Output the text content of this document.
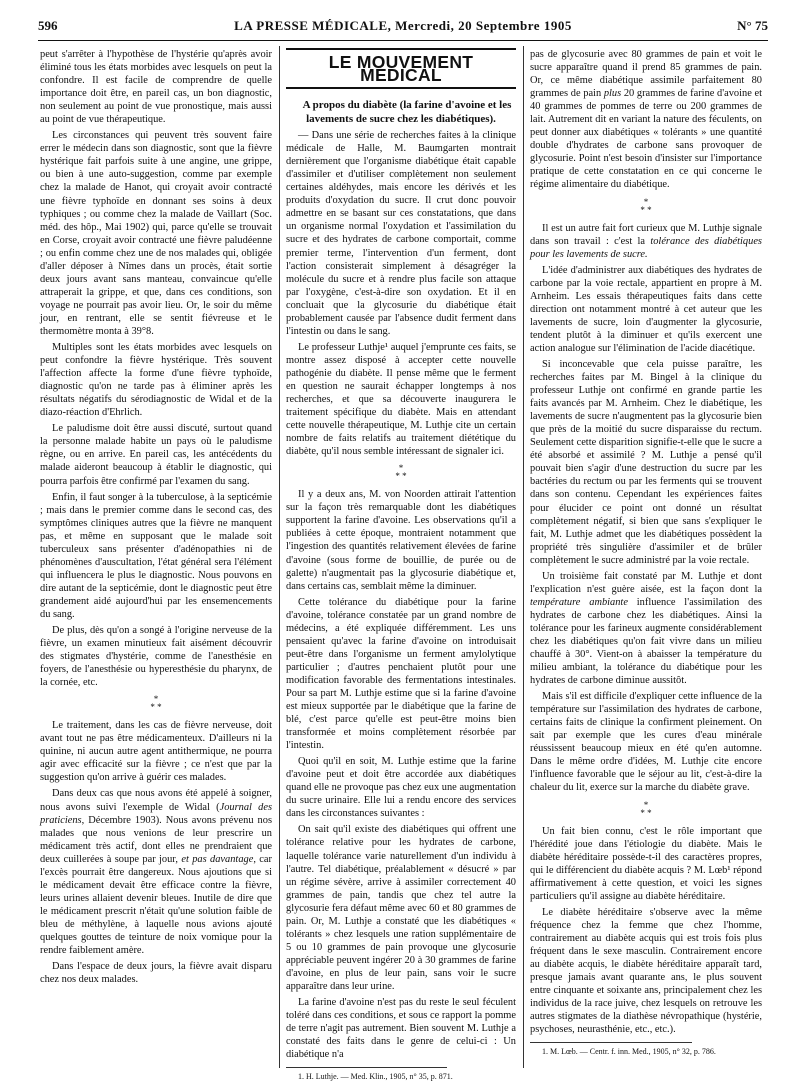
596	LA PRESSE MÉDICALE, Mercredi, 20 Septembre 1905	N° 75

peut s'arrêter à l'hypothèse de l'hystérie qu'après avoir éliminé tous les états morbides avec lesquels on peut la confondre. Il est facile de comprendre de quelle importance doit être, en pareil cas, un bon diagnostic, non seulement au point de vue pronostique, mais aussi au point de vue thérapeutique.

Les circonstances qui peuvent très souvent faire errer le médecin dans son diagnostic, sont que la fièvre hystérique fait parfois suite à une angine, une grippe, ou bien à une auto-suggestion, comme par exemple chez la malade de Hanot, qui croyait avoir contracté une fièvre typhoïde en donnant ses soins à deux typhiques ; ou comme chez la malade de Vaillart (Soc. méd. des hôp., Mai 1902) qui, parce qu'elle se trouvait en Corse, croyait avoir contracté une fièvre paludéenne ; ou enfin comme chez une de nos malades qui, obligée d'aller déposer à Nîmes dans un procès, était sortie deux jours avant sans manteau, convaincue qu'elle attraperait la grippe, et que, dans ces conditions, son voyage ne pourrait pas avoir lieu. Or, le soir du même jour, en rentrant, elle se sentit fiévreuse et le thermomètre monta à 39°8.

Multiples sont les états morbides avec lesquels on peut confondre la fièvre hystérique. Très souvent l'affection affecte la forme d'une fièvre typhoïde, diagnostic qu'on ne tarde pas à éliminer après les résultats négatifs du sérodiagnostic de Widal et de la diazo-réaction d'Ehrlich.

Le paludisme doit être aussi discuté, surtout quand la personne malade habite un pays où le paludisme règne, ou en arrive. En pareil cas, les antécédents du malade aideront beaucoup à établir le diagnostic, qui pourra parfois être confirmé par l'examen du sang.

Enfin, il faut songer à la tuberculose, à la septicémie ; mais dans le premier comme dans le second cas, des symptômes cliniques autres que la fièvre ne manquent pas, et même en supposant que le malade soit tuberculeux sans présenter d'adénopathies ni de phénomènes d'auscultation, l'état général sera l'élément qui influencera le plus le diagnostic. Nous pouvons en dire autant de la septicémie, dont le diagnostic peut être grandement aidé aujourd'hui par les ensemencements du sang.

De plus, dès qu'on a songé à l'origine nerveuse de la fièvre, un examen minutieux fait aisément découvrir des stigmates d'hystérie, comme de l'anesthésie en foyers, de l'anesthésie ou hyperesthésie du pharynx, de la cornée, etc.

*
* *

Le traitement, dans les cas de fièvre nerveuse, doit avant tout ne pas être médicamenteux. D'ailleurs ni la quinine, ni aucun autre agent antithermique, ne pourra agir avec efficacité sur la fièvre ; ce n'est que par la suggestion qu'on arrive à guérir ces malades.

Dans deux cas que nous avons été appelé à soigner, nous avons suivi l'exemple de Widal (Journal des praticiens, Décembre 1903). Nous avons prévenu nos malades que nous venions de leur prescrire un médicament très actif, dont elles ne prendraient que deux cuillerées à soupe par jour, et pas davantage, car l'excès pourrait être dangereux. Nous ajoutions que si le médicament devait être efficace contre la fièvre, leurs urines allaient devenir bleues. Inutile de dire que le médicament prescrit n'était qu'une solution faible de bleu de méthylène, à laquelle nous avions ajouté quelques gouttes de teinture de noix vomique pour la rendre faiblement amère.

Dans l'espace de deux jours, la fièvre avait disparu chez nos deux malades.

LE MOUVEMENT MÉDICAL

A propos du diabète (la farine d'avoine et les lavements de sucre chez les diabétiques).

— Dans une série de recherches faites à la clinique médicale de Halle, M. Baumgarten montrait dernièrement que l'organisme diabétique était capable d'assimiler et d'utiliser complètement non seulement certaines aldéhydes, mais encore les dérivés et les produits d'oxydation du sucre. Il crut donc pouvoir admettre en se basant sur ces constatations, que dans un organisme normal l'oxydation et l'assimilation du sucre et des hydrates de carbone comportait, comme premier terme, l'intervention d'un ferment, dont l'action consisterait simplement à désagréger la molécule du sucre et à rendre plus facile son attaque par l'oxygène, c'est-à-dire son oxydation. Et il en concluait que la glycosurie du diabétique était probablement causée par l'absence dudit ferment dans l'intestin ou dans le sang.

Le professeur Luthje¹ auquel j'emprunte ces faits, se montre assez disposé à accepter cette nouvelle pathogénie du diabète. Il pense même que le ferment en question ne saurait échapper longtemps à nos recherches, et que sa découverte inaugurera le traitement spécifique du diabète. Mais en attendant cette nouvelle thérapeutique, M. Luthje cite un certain nombre de faits relatifs au traitement diététique du diabète, qu'il nous semble intéressant de signaler ici.

*
* *

Il y a deux ans, M. von Noorden attirait l'attention sur la façon très remarquable dont les diabétiques supportent la farine d'avoine. Les observations qu'il a publiées à cette époque, montraient notamment que l'ingestion des quantités relativement élevées de farine d'avoine (sous forme de bouillie, de purée ou de galette) n'augmentait pas la glycosurie diabétique et, dans certains cas, semblait même la diminuer.

Cette tolérance du diabétique pour la farine d'avoine, tolérance constatée par un grand nombre de médecins, a été expliquée différemment. Les uns pensaient qu'avec la farine d'avoine on introduisait peut-être dans l'organisme un ferment amylolytique particulier ; d'autres penchaient plutôt pour une modification favorable des fermentations intestinales. Pour sa part M. Luthje estime que si la farine d'avoine est mieux supportée par le diabétique que la farine de blé, c'est parce qu'elle est peut-être moins bien transformée et moins complètement résorbée par l'intestin.

Quoi qu'il en soit, M. Luthje estime que la farine d'avoine peut et doit être accordée aux diabétiques quand elle ne provoque pas chez eux une augmentation du sucre urinaire. Elle lui a rendu encore des services dans les circonstances suivantes :

On sait qu'il existe des diabétiques qui offrent une tolérance relative pour les hydrates de carbone, laquelle tolérance varie naturellement d'un individu à l'autre. Tel diabétique, préalablement « désucré » par un régime sévère, arrive à assimiler correctement 40 grammes de pain, tandis que chez tel autre la glycosurie fera défaut même avec 60 et 80 grammes de pain. Or, M. Luthje a constaté que les diabétiques « tolérants » chez lesquels une ration supplémentaire de 5 ou 10 grammes de pain provoque une glycosurie appréciable peuvent ingérer 20 à 30 grammes de farine d'avoine, en plus de leur pain, sans voir le sucre apparaître dans leur urine.

La farine d'avoine n'est pas du reste le seul féculent toléré dans ces conditions, et sous ce rapport la pomme de terre n'agit pas autrement. Bien souvent M. Luthje a constaté des faits dans le genre de celui-ci : Un diabétique n'a

1. H. Luthje. — Med. Klin., 1905, n° 35, p. 871.

pas de glycosurie avec 80 grammes de pain et voit le sucre apparaître quand il prend 85 grammes de pain. Or, ce même diabétique assimile parfaitement 80 grammes de pain plus 20 grammes de farine d'avoine et 40 grammes de pommes de terre ou 200 grammes de lait. Autrement dit en variant la nature des féculents, on peut donner aux diabétiques « tolérants » une quantité double d'hydrates de carbone sans provoquer de glycosurie. Point n'est besoin d'insister sur l'importance pratique de cette constatation en ce qui concerne le régime alimentaire du diabétique.

*
* *

Il est un autre fait fort curieux que M. Luthje signale dans son travail : c'est la tolérance des diabétiques pour les lavements de sucre.

L'idée d'administrer aux diabétiques des hydrates de carbone par la voie rectale, appartient en propre à M. Arnheim. Les essais thérapeutiques faits dans cette direction ont notamment montré à cet auteur que les lavements de sucre, loin d'augmenter la glycosurie, tendent plutôt à la diminuer et qu'ils exercent une action analogue sur l'élimination de l'acide diacétique.

Si inconcevable que cela puisse paraître, les recherches faites par M. Bingel à la clinique du professeur Luthje ont confirmé en grande partie les faits avancés par M. Arnheim. Chez le diabétique, les lavements de sucre n'augmentent pas la glycosurie bien que près de la moitié du sucre disparaisse du rectum. Seulement cette disparition signifie-t-elle que le sucre a été absorbé et assimilé ? M. Luthje a pensé qu'il pouvait bien s'agir d'une destruction du sucre par les bactéries du rectum ou par les ferments qui se trouvent dans son contenu. Cependant les expériences faites pour élucider ce point ont donné un résultat complètement négatif, si bien que sans s'expliquer le fait, M. Luthje admet que les diabétiques possèdent la propriété très singulière d'assimiler et de brûler complètement le sucre administré par la voie rectale.

Un troisième fait constaté par M. Luthje et dont l'explication n'est guère aisée, est la façon dont la température ambiante influence l'assimilation des hydrates de carbone chez les diabétiques. Ainsi la tolérance pour les farineux augmente considérablement chez les diabétiques qu'on fait vivre dans un milieu chauffé à 30°. Vient-on à abaisser la température du milieu ambiant, la tolérance du diabétique pour les hydrates de carbone diminue aussitôt.

Mais s'il est difficile d'expliquer cette influence de la température sur l'assimilation des hydrates de carbone, certains faits de clinique la confirment pleinement. On sait par exemple que les cures d'eau minérale réussissent beaucoup mieux en été qu'en automne. Dans le même ordre d'idées, M. Luthje cite encore l'influence favorable que le séjour au lit, c'est-à-dire la chaleur du lit, exerce sur la marche du diabète grave.

*
* *

Un fait bien connu, c'est le rôle important que l'hérédité joue dans l'étiologie du diabète. Mais le diabète héréditaire possède-t-il des caractères propres, qui le différencient du diabète acquis ? M. Lœb¹ répond affirmativement à cette question, et voici les signes particuliers qu'il assigne au diabète héréditaire.

Le diabète héréditaire s'observe avec la même fréquence chez la femme que chez l'homme, contrairement au diabète acquis qui est trois fois plus fréquent dans le sexe masculin. Contrairement encore au diabète acquis, le diabète héréditaire apparaît tard, presque jamais avant quarante ans, le plus souvent entre cinquante et soixante ans, principalement chez les individus de la race juive, chez lesquels on retrouve les autres stigmates de la diathèse névropathique (hystérie, psychoses, neurasthénie, etc., etc.).

1. M. Lœb. — Centr. f. inn. Med., 1905, n° 32, p. 786.
